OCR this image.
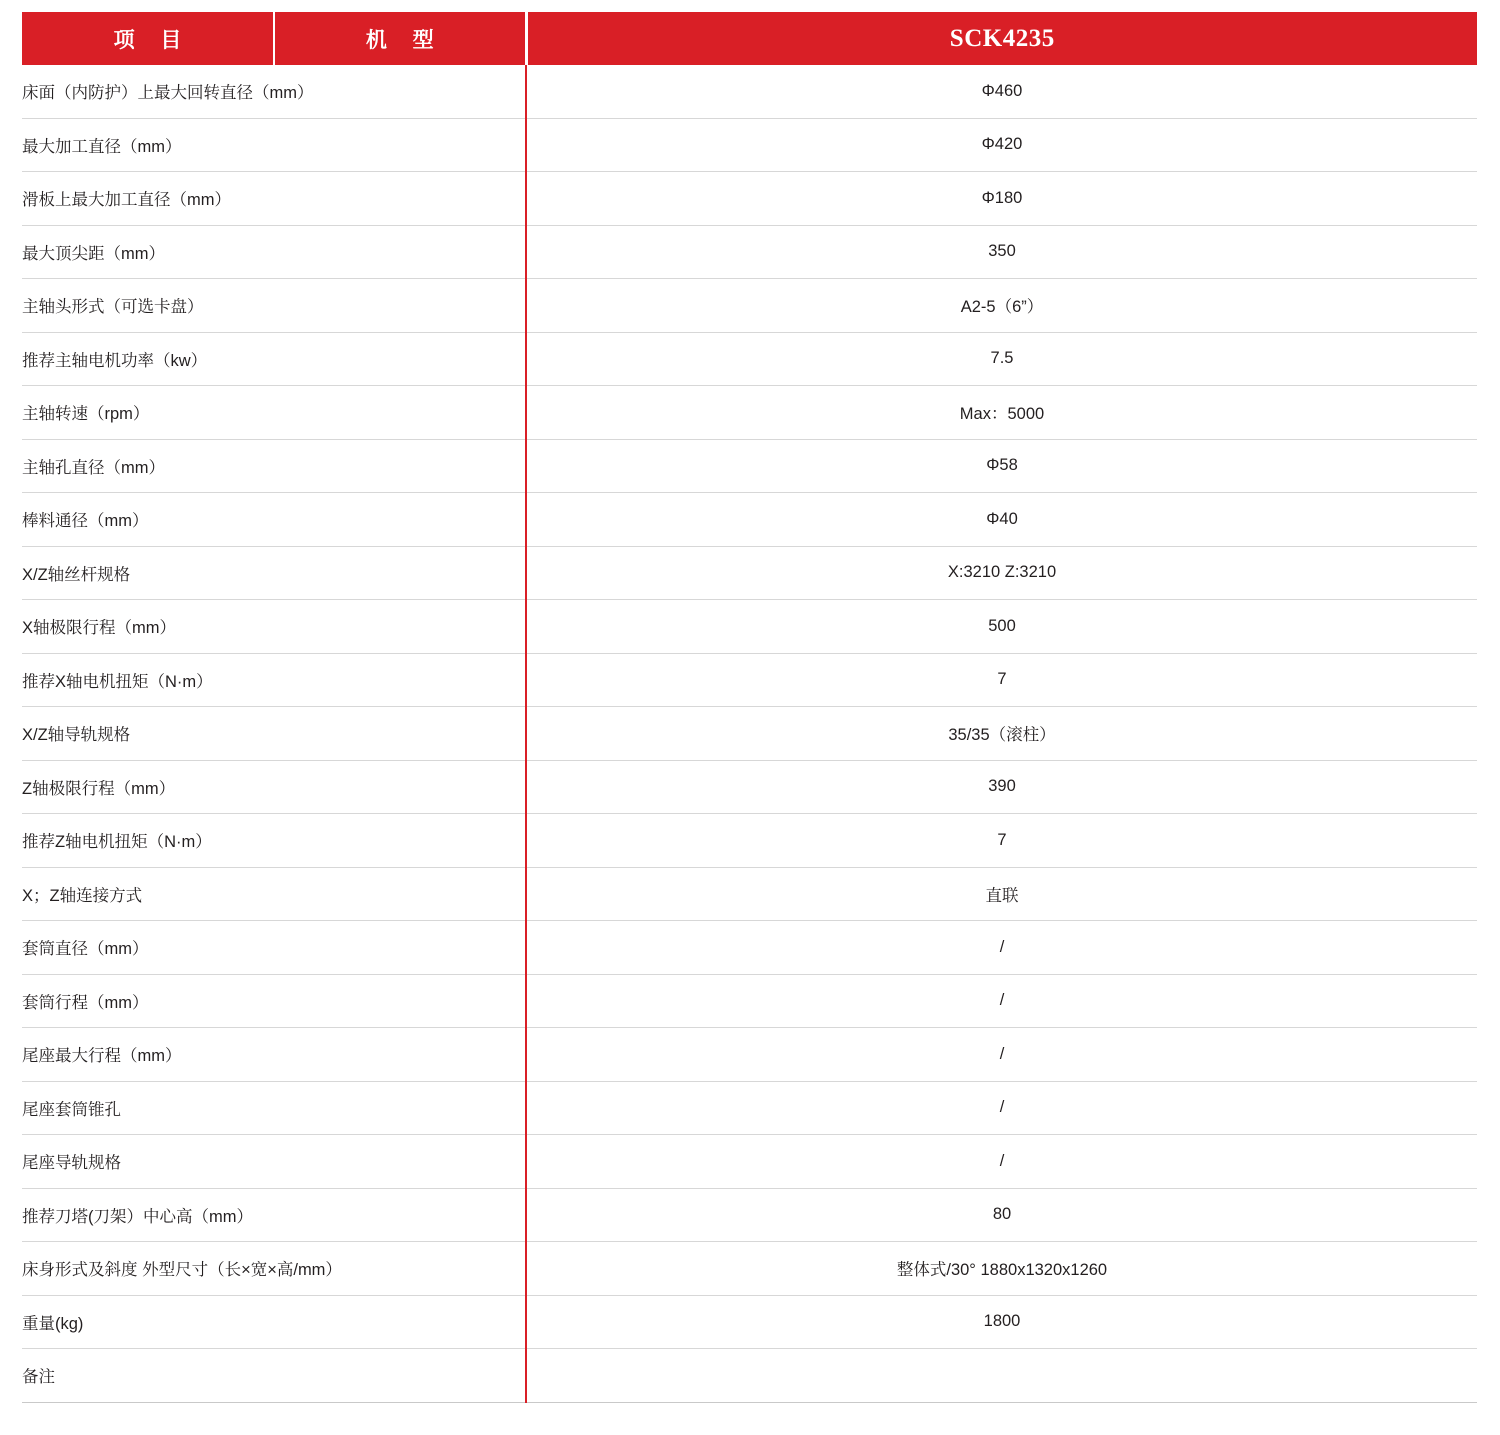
项 目	机 型	SCK4235
床面（内防护）上最大回转直径（mm）		Φ460
最大加工直径（mm）		Φ420
滑板上最大加工直径（mm）		Φ180
最大顶尖距（mm）		350
主轴头形式（可选卡盘）		A2-5（6”）
推荐主轴电机功率（kw）		7.5
主轴转速（rpm）		Max：5000
主轴孔直径（mm）		Φ58
棒料通径（mm）		Φ40
X/Z轴丝杆规格		X:3210 Z:3210
X轴极限行程（mm）		500
推荐X轴电机扭矩（N·m）		7
X/Z轴导轨规格		35/35（滚柱）
Z轴极限行程（mm）		390
推荐Z轴电机扭矩（N·m）		7
X；Z轴连接方式		直联
套筒直径（mm）		/
套筒行程（mm）		/
尾座最大行程（mm）		/
尾座套筒锥孔		/
尾座导轨规格		/
推荐刀塔(刀架）中心高（mm）		80
床身形式及斜度 外型尺寸（长×宽×高/mm）		整体式/30° 1880x1320x1260
重量(kg)		1800
备注		
